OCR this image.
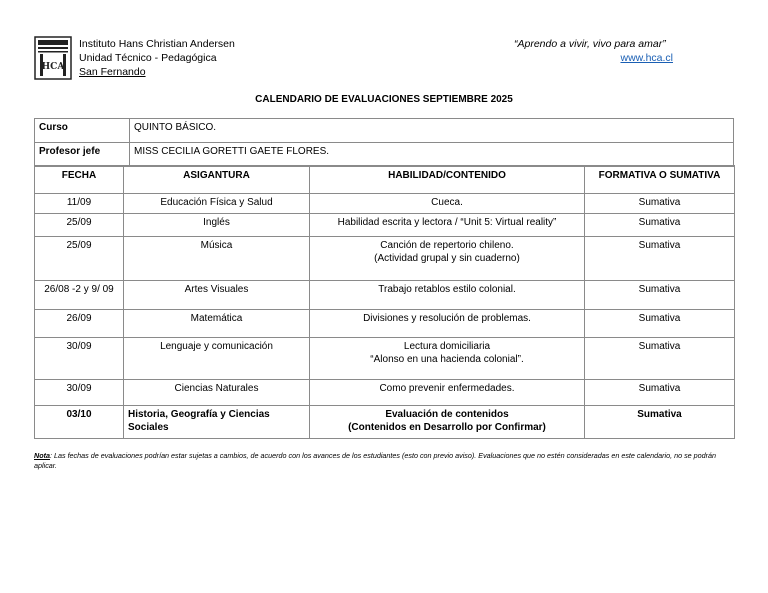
HCA
Instituto Hans Christian Andersen
Unidad Técnico - Pedagógica
San Fernando
“Aprendo a vivir, vivo para amar”
www.hca.cl
CALENDARIO DE EVALUACIONES SEPTIEMBRE 2025
Curso	QUINTO BÁSICO.
Profesor jefe	MISS CECILIA GORETTI GAETE FLORES.
FECHA	ASIGANTURA	HABILIDAD/CONTENIDO	FORMATIVA O SUMATIVA
11/09	Educación Física y Salud	Cueca.	Sumativa
25/09	Inglés	Habilidad escrita y lectora / “Unit 5: Virtual reality”	Sumativa
25/09	Música	Canción de repertorio chileno.
(Actividad grupal y sin cuaderno)	Sumativa
26/08 -2 y 9/ 09	Artes Visuales	Trabajo retablos estilo colonial.	Sumativa
26/09	Matemática	Divisiones y resolución de problemas.	Sumativa
30/09	Lenguaje y comunicación	Lectura domiciliaria
“Alonso en una hacienda colonial”.	Sumativa
30/09	Ciencias Naturales	Como prevenir enfermedades.	Sumativa
03/10	Historia, Geografía y Ciencias Sociales	Evaluación de contenidos
(Contenidos en Desarrollo por Confirmar)	Sumativa
Nota: Las fechas de evaluaciones podrían estar sujetas a cambios, de acuerdo con los avances de los estudiantes (esto con previo aviso). Evaluaciones que no estén consideradas en este calendario, no se podrán aplicar.
